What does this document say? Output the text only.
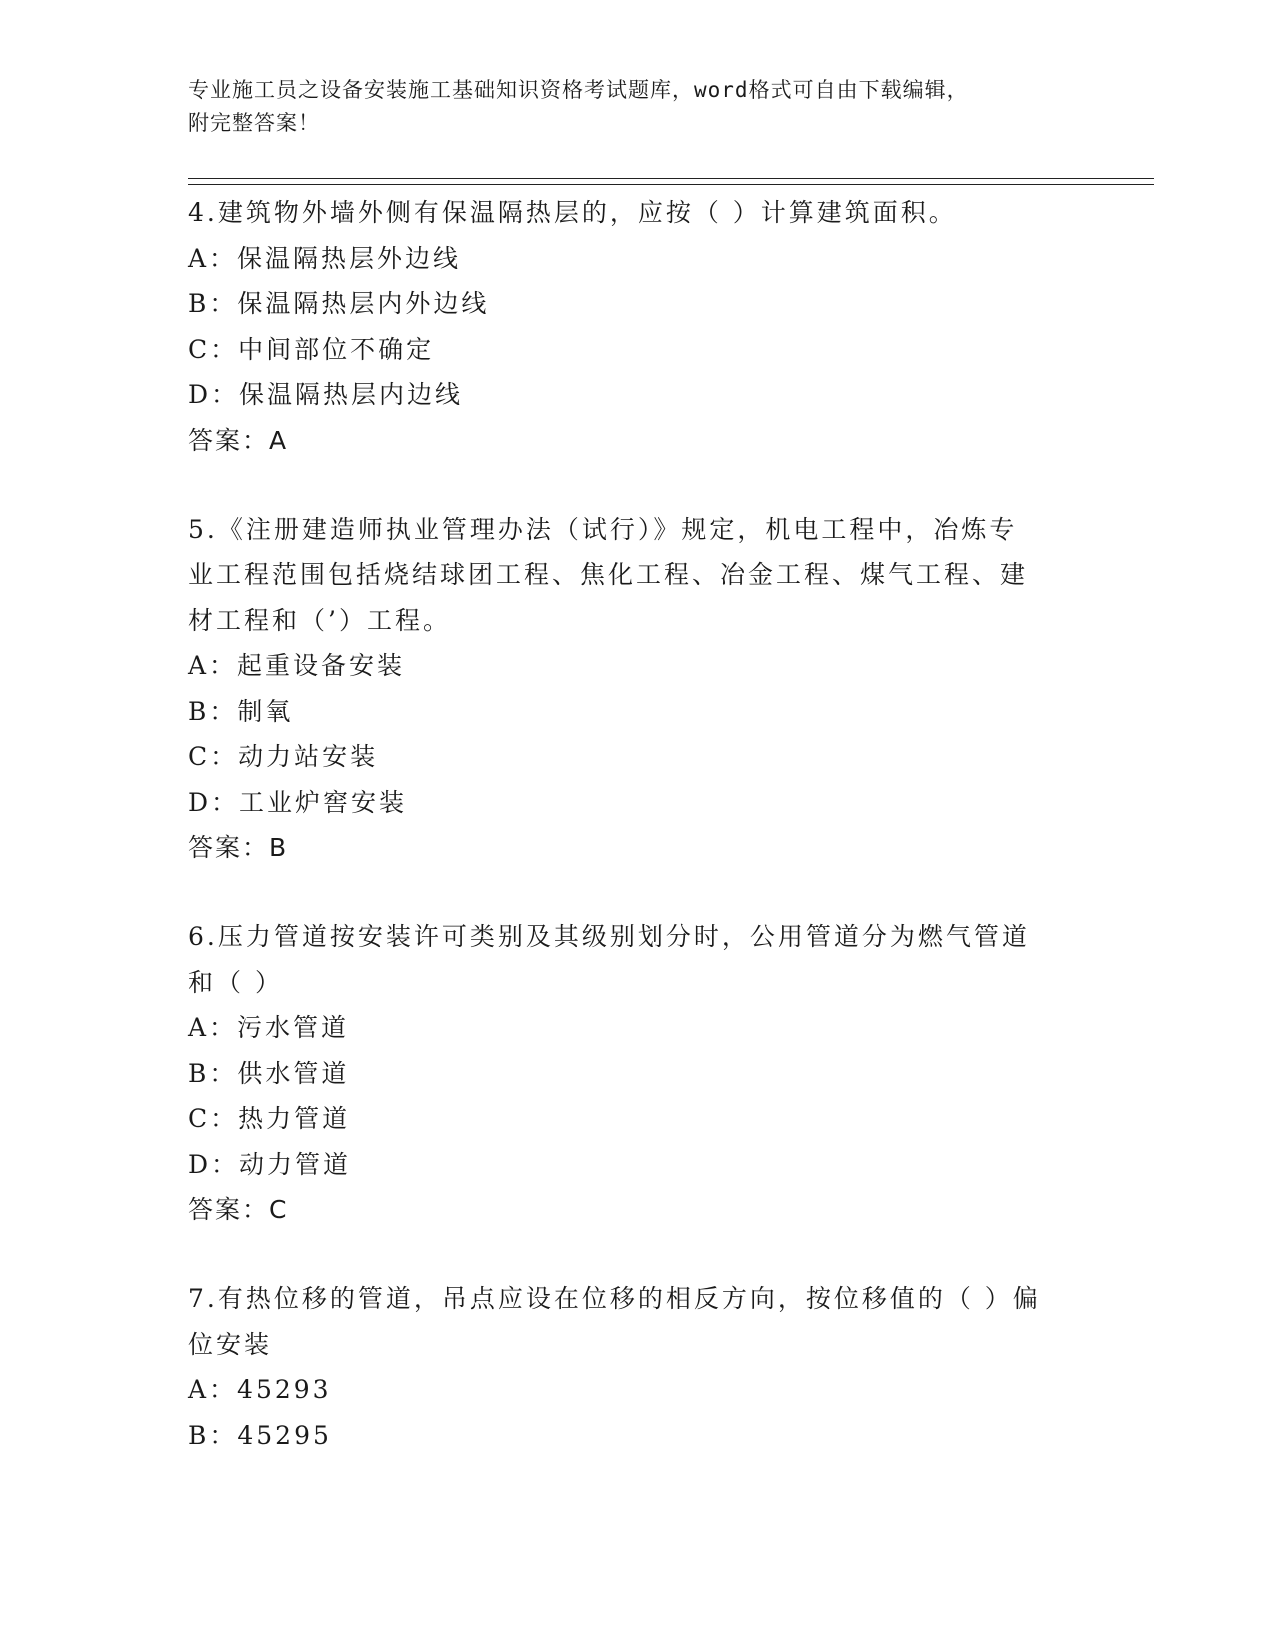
专业施工员之设备安装施工基础知识资格考试题库，word格式可自由下载编辑，
附完整答案！
4.建筑物外墙外侧有保温隔热层的，应按（ ）计算建筑面积。
A：保温隔热层外边线
B：保温隔热层内外边线
C：中间部位不确定
D：保温隔热层内边线
答案：A
5.《注册建造师执业管理办法（试行）》规定，机电工程中，冶炼专
业工程范围包括烧结球团工程、焦化工程、冶金工程、煤气工程、建
材工程和（’）工程。
A：起重设备安装
B：制氧
C：动力站安装
D：工业炉窖安装
答案：B
6.压力管道按安装许可类别及其级别划分时，公用管道分为燃气管道
和（ ）
A：污水管道
B：供水管道
C：热力管道
D：动力管道
答案：C
7.有热位移的管道，吊点应设在位移的相反方向，按位移值的（ ）偏
位安装
A：45293
B：45295
